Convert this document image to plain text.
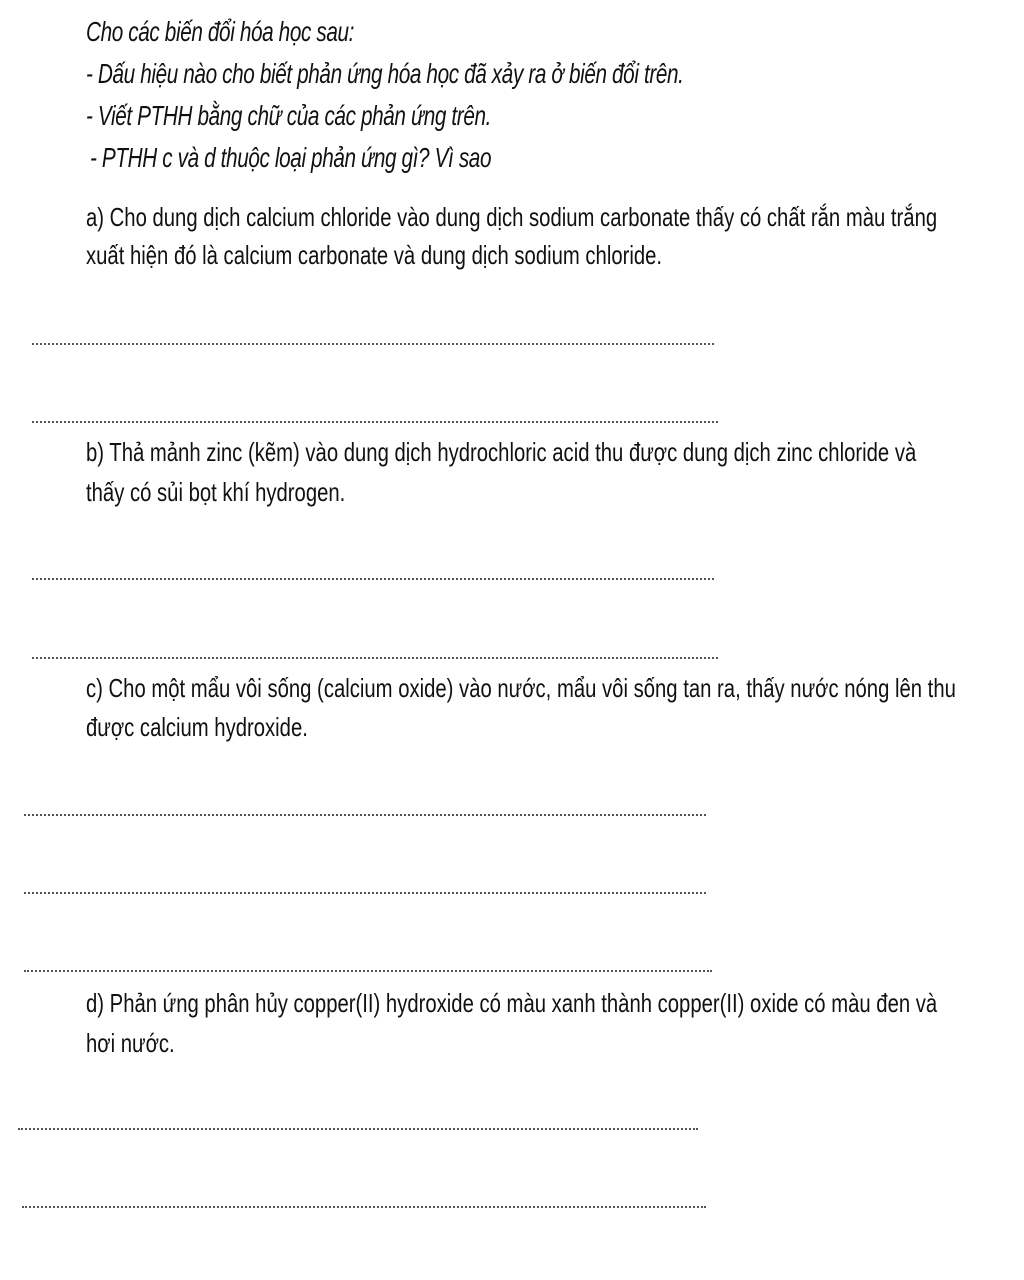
Cho các biến đổi hóa học sau:
- Dấu hiệu nào cho biết phản ứng hóa học đã xảy ra ở biến đổi trên.
- Viết PTHH bằng chữ của các phản ứng trên.
- PTHH c và d thuộc loại phản ứng gì? Vì sao
a) Cho dung dịch calcium chloride vào dung dịch sodium carbonate thấy có chất rắn màu trắng
xuất hiện đó là calcium carbonate và dung dịch sodium chloride.
b) Thả mảnh zinc (kẽm) vào dung dịch hydrochloric acid thu được dung dịch zinc chloride và
thấy có sủi bọt khí hydrogen.
c) Cho một mẩu vôi sống (calcium oxide) vào nước, mẩu vôi sống tan ra, thấy nước nóng lên thu
được calcium hydroxide.
d) Phản ứng phân hủy copper(II) hydroxide có màu xanh thành copper(II) oxide có màu đen và
hơi nước.
